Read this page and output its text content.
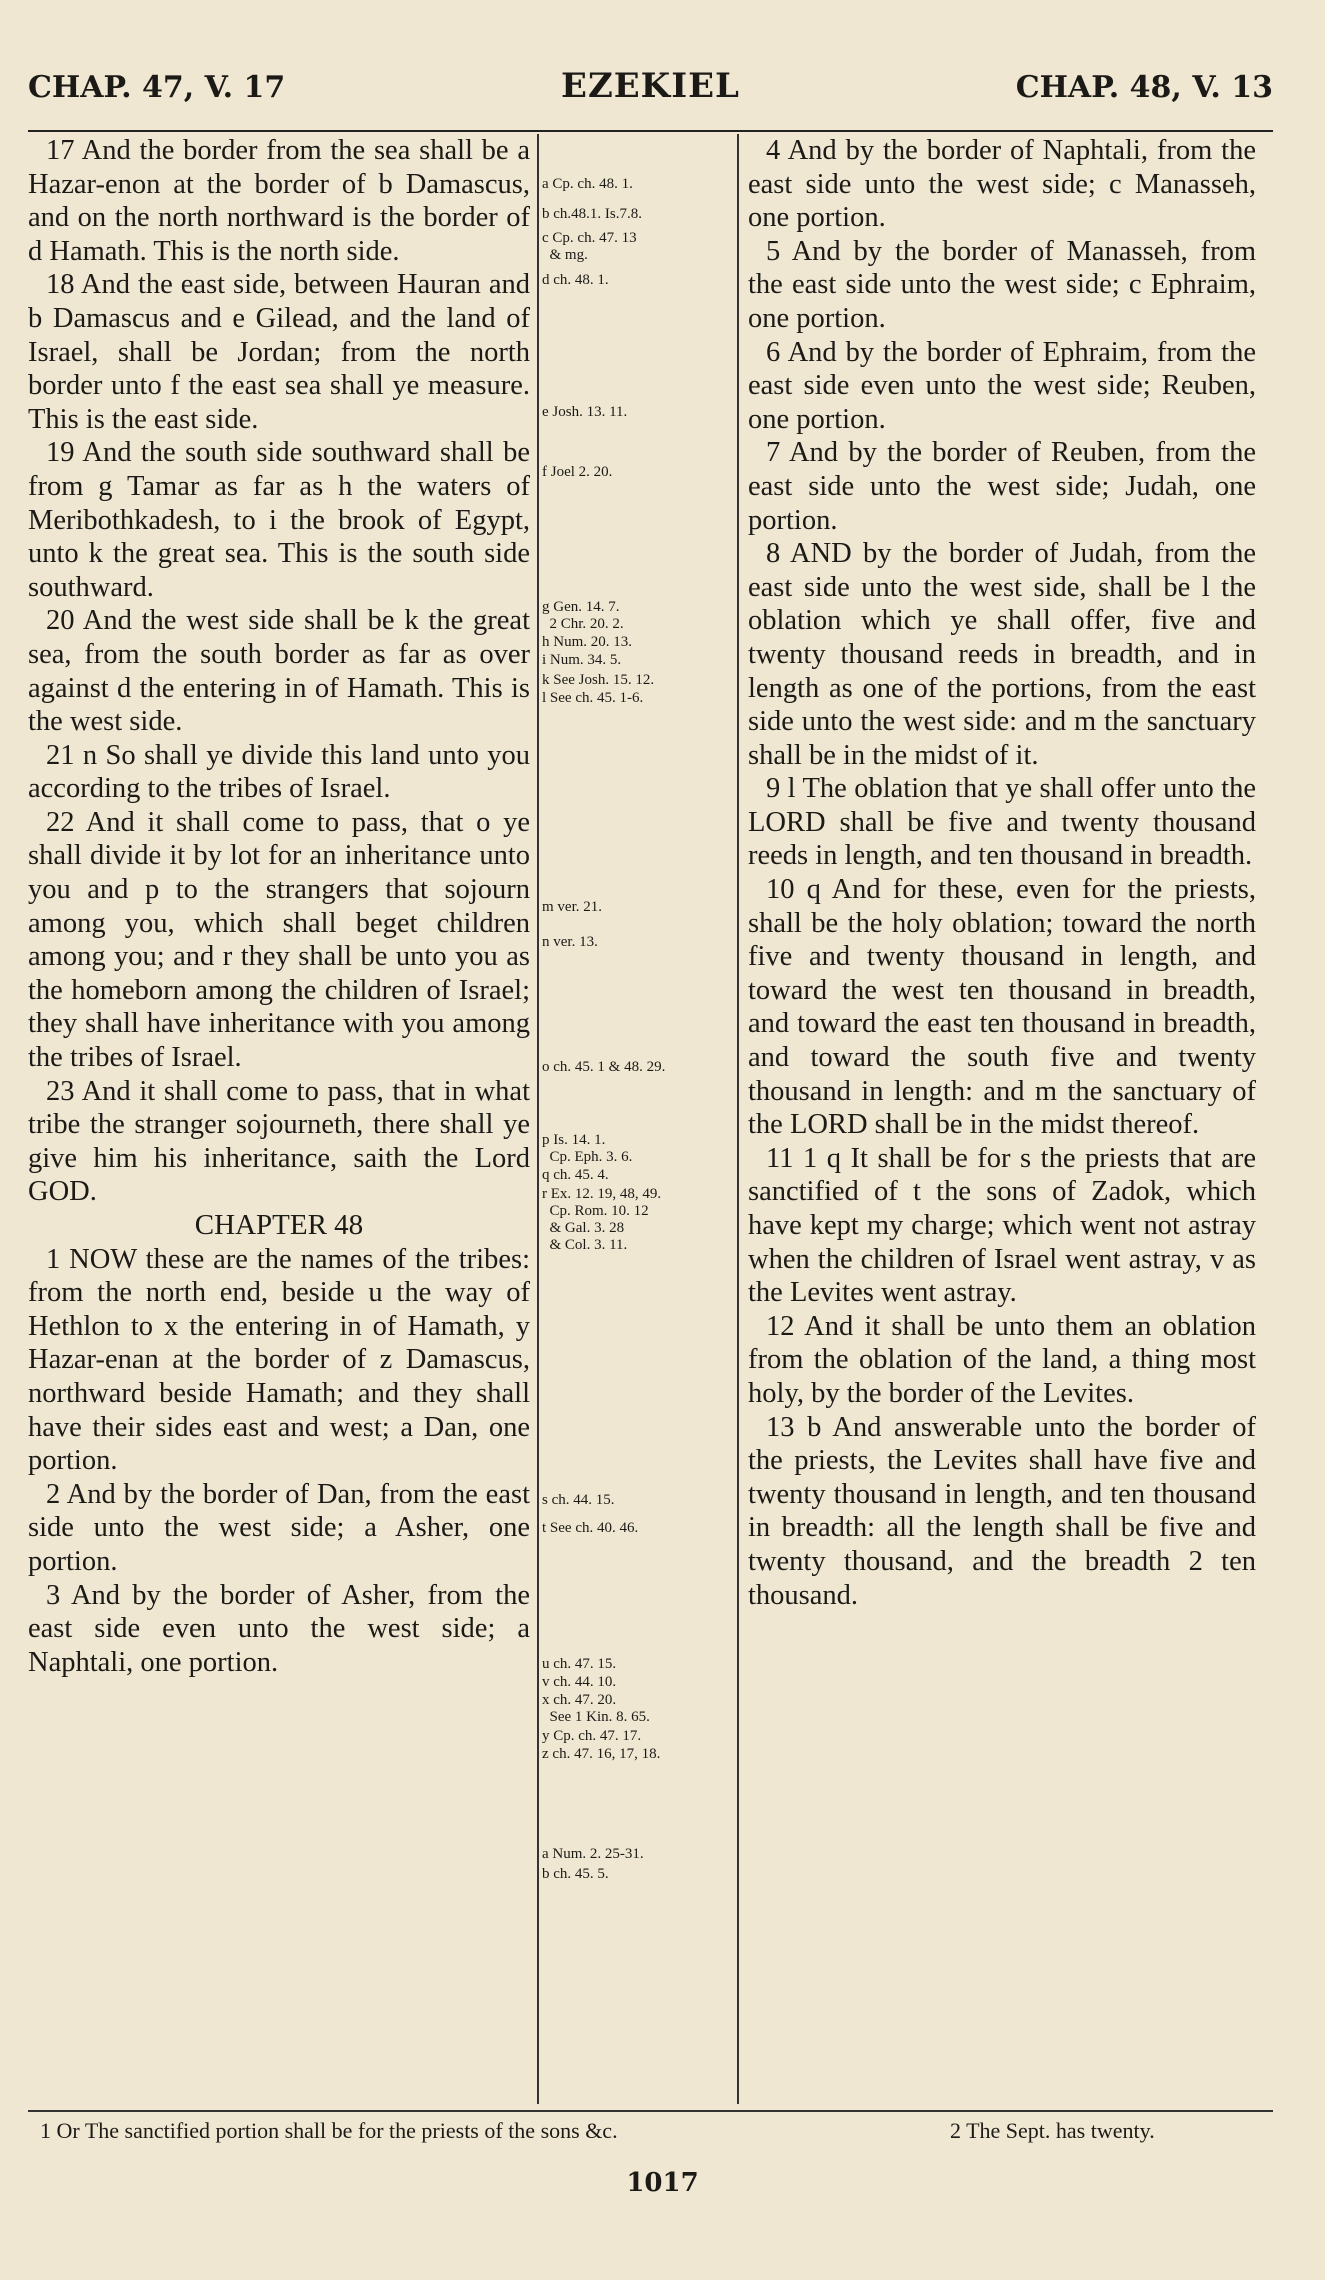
CHAP. 47, V. 17	EZEKIEL	CHAP. 48, V. 13

17 And the border from the sea shall be a Hazar-enon at the border of b Damascus, and on the north northward is the border of d Hamath. This is the north side.

18 And the east side, between Hauran and b Damascus and e Gilead, and the land of Israel, shall be Jordan; from the north border unto f the east sea shall ye measure. This is the east side.

19 And the south side southward shall be from g Tamar as far as h the waters of Meribothkadesh, to i the brook of Egypt, unto k the great sea. This is the south side southward.

20 And the west side shall be k the great sea, from the south border as far as over against d the entering in of Hamath. This is the west side.

21 n So shall ye divide this land unto you according to the tribes of Israel.

22 And it shall come to pass, that o ye shall divide it by lot for an inheritance unto you and p to the strangers that sojourn among you, which shall beget children among you; and r they shall be unto you as the homeborn among the children of Israel; they shall have inheritance with you among the tribes of Israel.

23 And it shall come to pass, that in what tribe the stranger sojourneth, there shall ye give him his inheritance, saith the Lord GOD.

CHAPTER 48

1 NOW these are the names of the tribes: from the north end, beside u the way of Hethlon to x the entering in of Hamath, y Hazar-enan at the border of z Damascus, northward beside Hamath; and they shall have their sides east and west; a Dan, one portion.

2 And by the border of Dan, from the east side unto the west side; a Asher, one portion.

3 And by the border of Asher, from the east side even unto the west side; a Naphtali, one portion.

a Cp. ch. 48. 1.
b ch.48.1. Is.7.8.
c Cp. ch. 47. 13
& mg.
d ch. 48. 1.
e Josh. 13. 11.
f Joel 2. 20.
g Gen. 14. 7.
2 Chr. 20. 2.
h Num. 20. 13.
i Num. 34. 5.
k See Josh. 15. 12.
l See ch. 45. 1-6.
m ver. 21.
n ver. 13.
o ch. 45. 1 & 48. 29.
p Is. 14. 1.
Cp. Eph. 3. 6.
q ch. 45. 4.
r Ex. 12. 19, 48, 49.
Cp. Rom. 10. 12
& Gal. 3. 28
& Col. 3. 11.
s ch. 44. 15.
t See ch. 40. 46.
u ch. 47. 15.
v ch. 44. 10.
x ch. 47. 20.
See 1 Kin. 8. 65.
y Cp. ch. 47. 17.
z ch. 47. 16, 17, 18.
a Num. 2. 25-31.
b ch. 45. 5.

4 And by the border of Naphtali, from the east side unto the west side; c Manasseh, one portion.

5 And by the border of Manasseh, from the east side unto the west side; c Ephraim, one portion.

6 And by the border of Ephraim, from the east side even unto the west side; Reuben, one portion.

7 And by the border of Reuben, from the east side unto the west side; Judah, one portion.

8 AND by the border of Judah, from the east side unto the west side, shall be l the oblation which ye shall offer, five and twenty thousand reeds in breadth, and in length as one of the portions, from the east side unto the west side: and m the sanctuary shall be in the midst of it.

9 l The oblation that ye shall offer unto the LORD shall be five and twenty thousand reeds in length, and ten thousand in breadth.

10 q And for these, even for the priests, shall be the holy oblation; toward the north five and twenty thousand in length, and toward the west ten thousand in breadth, and toward the east ten thousand in breadth, and toward the south five and twenty thousand in length: and m the sanctuary of the LORD shall be in the midst thereof.

11 1 q It shall be for s the priests that are sanctified of t the sons of Zadok, which have kept my charge; which went not astray when the children of Israel went astray, v as the Levites went astray.

12 And it shall be unto them an oblation from the oblation of the land, a thing most holy, by the border of the Levites.

13 b And answerable unto the border of the priests, the Levites shall have five and twenty thousand in length, and ten thousand in breadth: all the length shall be five and twenty thousand, and the breadth 2 ten thousand.

1 Or The sanctified portion shall be for the priests of the sons &c.	2 The Sept. has twenty.
1017
